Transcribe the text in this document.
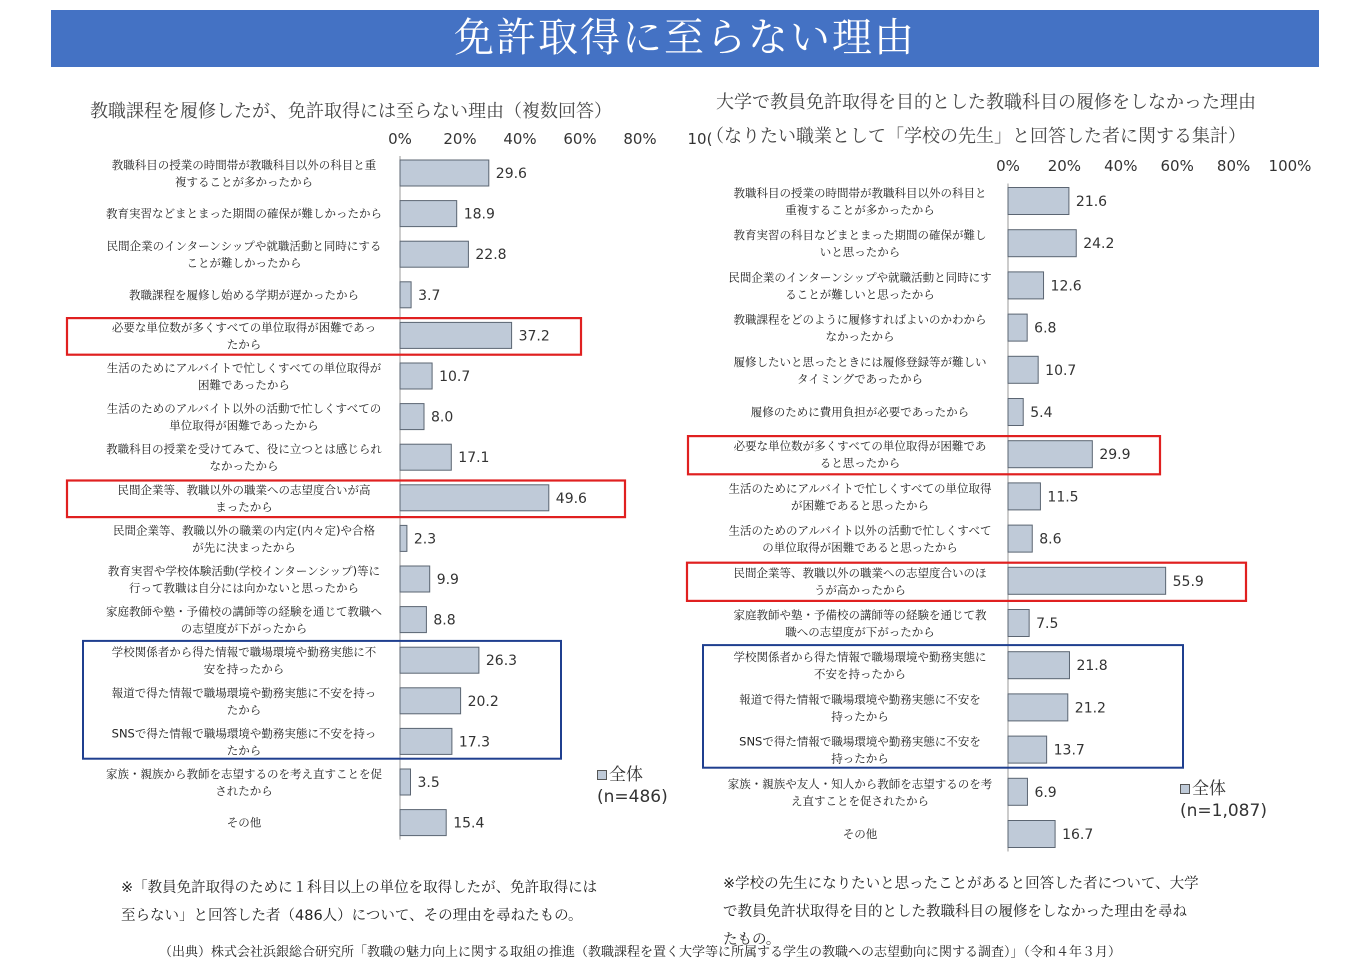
免許取得に至らない理由
教職課程を履修したが、免許取得には至らない理由（複数回答）	大学で教員免許取得を目的とした教職科目の履修をしなかった理由
（なりたい職業として「学校の先生」と回答した者に関する集計）
0% 20% 40% 60% 80% 10(
29.6
教職科目の授業の時間帯が教職科目以外の科目と重
複することが多かったから
18.9
教育実習などまとまった期間の確保が難しかったから
22.8
民間企業のインターンシップや就職活動と同時にする
ことが難しかったから
3.7
教職課程を履修し始める学期が遅かったから
37.2
必要な単位数が多くすべての単位取得が困難であっ
たから
10.7
生活のためにアルバイトで忙しくすべての単位取得が
困難であったから
8.0
生活のためのアルバイト以外の活動で忙しくすべての
単位取得が困難であったから
17.1
教職科目の授業を受けてみて、役に立つとは感じられ
なかったから
49.6
民間企業等、教職以外の職業への志望度合いが高
まったから
2.3
民間企業等、教職以外の職業の内定(内々定)や合格
が先に決まったから
9.9
教育実習や学校体験活動(学校インターンシップ)等に
行って教職は自分には向かないと思ったから
8.8
家庭教師や塾・予備校の講師等の経験を通じて教職へ
の志望度が下がったから
26.3
学校関係者から得た情報で職場環境や勤務実態に不
安を持ったから
20.2
報道で得た情報で職場環境や勤務実態に不安を持っ
たから
17.3
SNSで得た情報で職場環境や勤務実態に不安を持っ
たから
3.5
家族・親族から教師を志望するのを考え直すことを促
されたから
15.4
その他
0% 20% 40% 60% 80% 100%
21.6
教職科目の授業の時間帯が教職科目以外の科目と
重複することが多かったから
24.2
教育実習の科目などまとまった期間の確保が難し
いと思ったから
12.6
民間企業のインターンシップや就職活動と同時にす
ることが難しいと思ったから
6.8
教職課程をどのように履修すればよいのかわから
なかったから
10.7
履修したいと思ったときには履修登録等が難しい
タイミングであったから
5.4
履修のために費用負担が必要であったから
29.9
必要な単位数が多くすべての単位取得が困難であ
ると思ったから
11.5
生活のためにアルバイトで忙しくすべての単位取得
が困難であると思ったから
8.6
生活のためのアルバイト以外の活動で忙しくすべて
の単位取得が困難であると思ったから
55.9
民間企業等、教職以外の職業への志望度合いのほ
うが高かったから
7.5
家庭教師や塾・予備校の講師等の経験を通じて教
職への志望度が下がったから
21.8
学校関係者から得た情報で職場環境や勤務実態に
不安を持ったから
21.2
報道で得た情報で職場環境や勤務実態に不安を
持ったから
13.7
SNSで得た情報で職場環境や勤務実態に不安を
持ったから
6.9
家族・親族や友人・知人から教師を志望するのを考
え直すことを促されたから
16.7
その他
全体
(n=486)	全体
(n=1,087)
※「教員免許取得のために１科目以上の単位を取得したが、免許取得には
至らない」と回答した者（486人）について、その理由を尋ねたもの。
※学校の先生になりたいと思ったことがあると回答した者について、大学
で教員免許状取得を目的とした教職科目の履修をしなかった理由を尋ね
たもの。
（出典）株式会社浜銀総合研究所「教職の魅力向上に関する取組の推進（教職課程を置く大学等に所属する学生の教職への志望動向に関する調査）」（令和４年３月）
